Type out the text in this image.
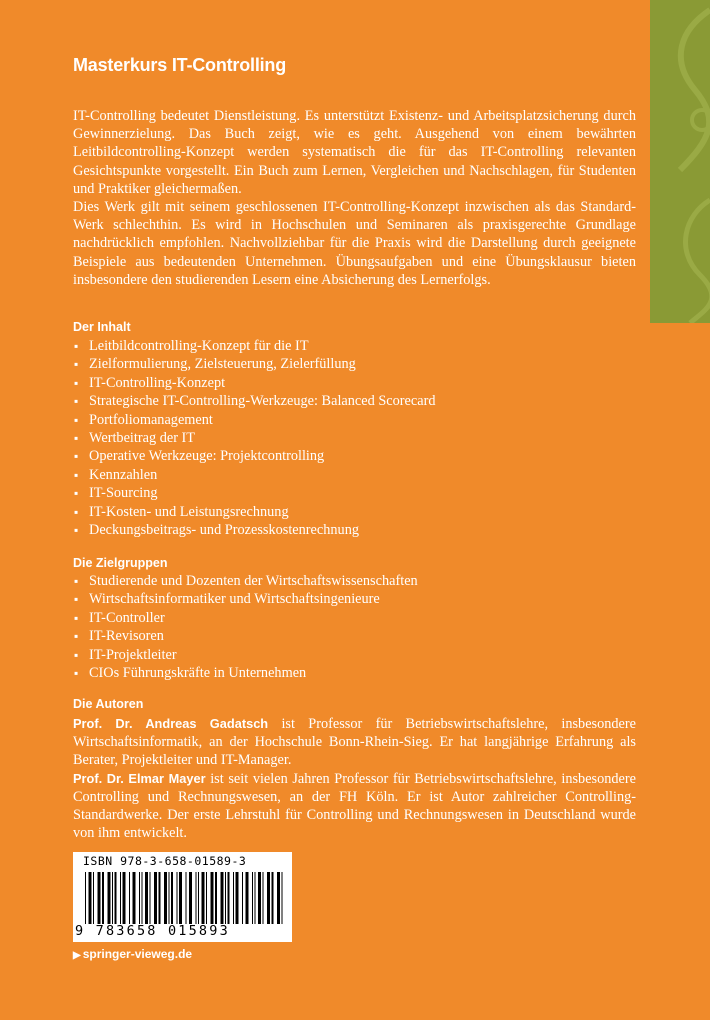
Masterkurs IT-Controlling

IT-Controlling bedeutet Dienstleistung. Es unterstützt Existenz- und Arbeitsplatzsicherung durch Gewinnerzielung. Das Buch zeigt, wie es geht. Ausgehend von einem bewährten Leitbildcontrolling-Konzept werden systematisch die für das IT-Controlling relevanten Gesichtspunkte vorgestellt. Ein Buch zum Lernen, Vergleichen und Nachschlagen, für Studenten und Praktiker gleichermaßen.

Dies Werk gilt mit seinem geschlossenen IT-Controlling-Konzept inzwischen als das Standard-Werk schlechthin. Es wird in Hochschulen und Seminaren als praxisgerechte Grundlage nachdrücklich empfohlen. Nachvollziehbar für die Praxis wird die Darstellung durch geeignete Beispiele aus bedeutenden Unternehmen. Übungsaufgaben und eine Übungsklausur bieten insbesondere den studierenden Lesern eine Absicherung des Lernerfolgs.

Der Inhalt
▪ Leitbildcontrolling-Konzept für die IT
▪ Zielformulierung, Zielsteuerung, Zielerfüllung
▪ IT-Controlling-Konzept
▪ Strategische IT-Controlling-Werkzeuge: Balanced Scorecard
▪ Portfoliomanagement
▪ Wertbeitrag der IT
▪ Operative Werkzeuge: Projektcontrolling
▪ Kennzahlen
▪ IT-Sourcing
▪ IT-Kosten- und Leistungsrechnung
▪ Deckungsbeitrags- und Prozesskostenrechnung
Die Zielgruppen
▪ Studierende und Dozenten der Wirtschaftswissenschaften
▪ Wirtschaftsinformatiker und Wirtschaftsingenieure
▪ IT-Controller
▪ IT-Revisoren
▪ IT-Projektleiter
▪ CIOs Führungskräfte in Unternehmen
Die Autoren

Prof. Dr. Andreas Gadatsch ist Professor für Betriebswirtschaftslehre, insbesondere Wirtschaftsinformatik, an der Hochschule Bonn-Rhein-Sieg. Er hat langjährige Erfahrung als Berater, Projektleiter und IT-Manager.

Prof. Dr. Elmar Mayer ist seit vielen Jahren Professor für Betriebswirtschaftslehre, insbesondere Controlling und Rechnungswesen, an der FH Köln. Er ist Autor zahlreicher Controlling-Standardwerke. Der erste Lehrstuhl für Controlling und Rechnungswesen in Deutschland wurde von ihm entwickelt.

ISBN 978-3-658-01589-3
9 783658 015893
▶ springer-vieweg.de
